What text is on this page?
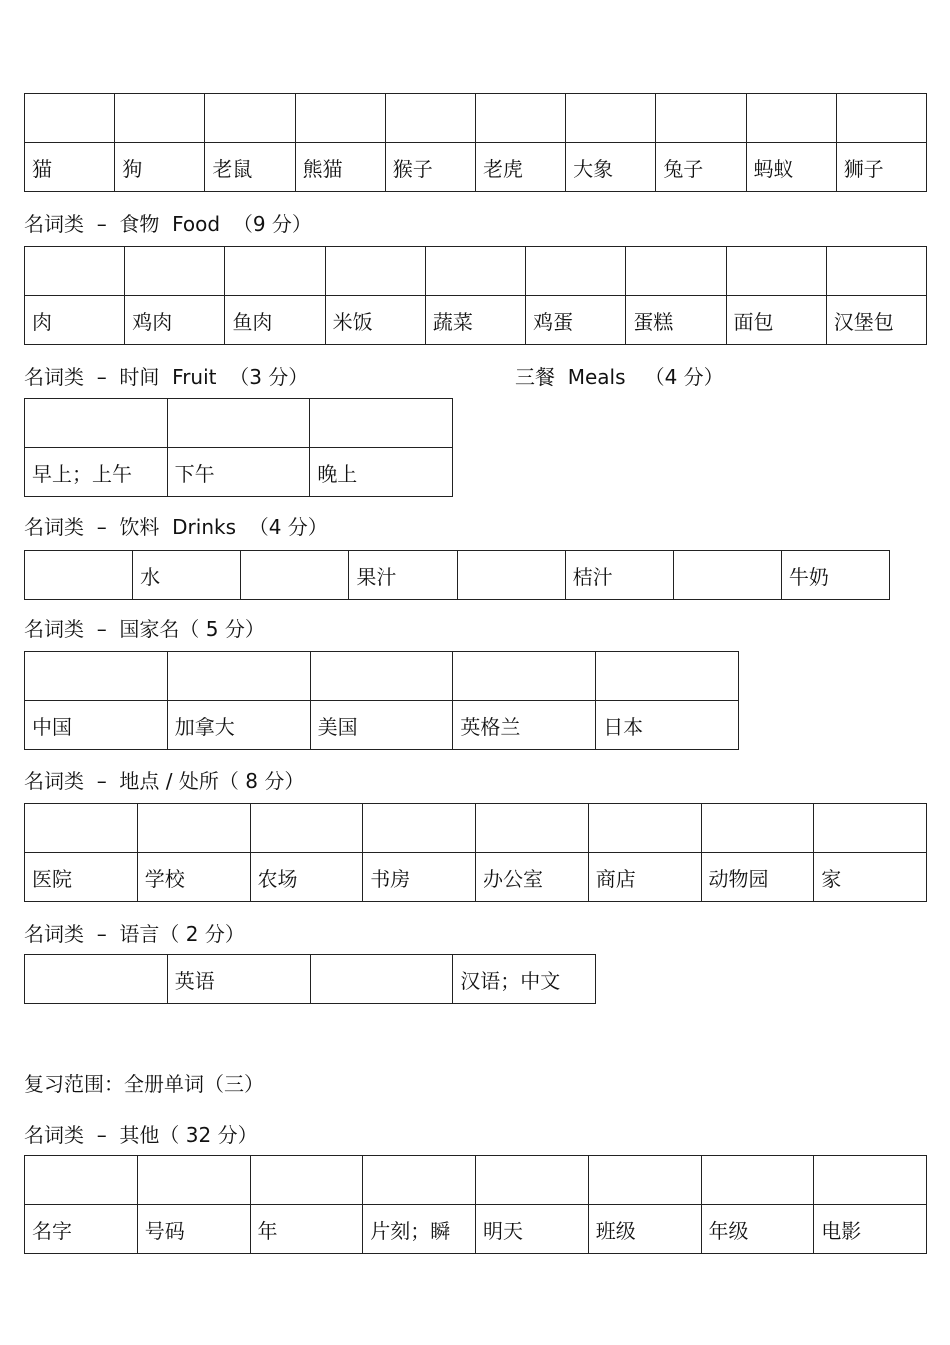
猫	狗	老鼠	熊猫	猴子	老虎	大象	兔子	蚂蚁	狮子
名词类  –  食物  Food  （9 分）

肉	鸡肉	鱼肉	米饭	蔬菜	鸡蛋	蛋糕	面包	汉堡包
名词类  –  时间  Fruit  （3 分）	三餐  Meals   （4 分）

早上；上午	下午	晚上
名词类  –  饮料  Drinks  （4 分）
	水		果汁		桔汁		牛奶
名词类  –  国家名（ 5 分）

中国	加拿大	美国	英格兰	日本
名词类  –  地点 / 处所（ 8 分）

医院	学校	农场	书房	办公室	商店	动物园	家
名词类  –  语言（ 2 分）
	英语		汉语；中文
复习范围：全册单词（三）
名词类  –  其他（ 32 分）

名字	号码	年	片刻；瞬	明天	班级	年级	电影
